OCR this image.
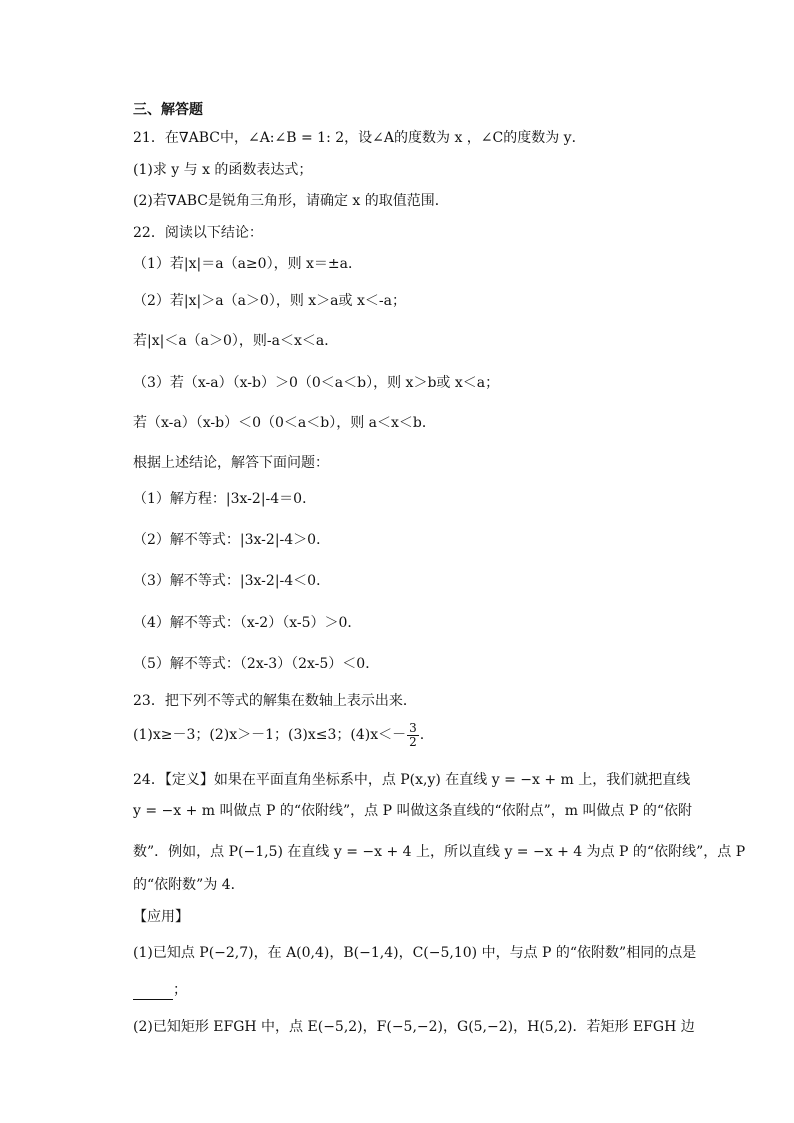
三、解答题
21．在∇ABC中，∠A:∠B = 1: 2，设∠A的度数为 x ，∠C的度数为 y．
(1)求 y 与 x 的函数表达式；
(2)若∇ABC是锐角三角形，请确定 x 的取值范围．
22．阅读以下结论：
（1）若|x|＝a（a≥0），则 x＝±a．
（2）若|x|＞a（a＞0），则 x＞a或 x＜-a；
若|x|＜a（a＞0），则-a＜x＜a．
（3）若（x-a）（x-b）＞0（0＜a＜b），则 x＞b或 x＜a；
若（x-a）（x-b）＜0（0＜a＜b），则 a＜x＜b．
根据上述结论，解答下面问题：
（1）解方程：|3x-2|-4＝0．
（2）解不等式：|3x-2|-4＞0．
（3）解不等式：|3x-2|-4＜0．
（4）解不等式：（x-2）（x-5）＞0．
（5）解不等式：（2x-3）（2x-5）＜0．
23．把下列不等式的解集在数轴上表示出来．
(1)x≥－3；(2)x＞－1；(3)x≤3；$(4)x<- \frac{3}{2}$ .
24．【定义】如果在平面直角坐标系中，点 P(x,y) 在直线 y = −x + m 上，我们就把直线
y = −x + m 叫做点 P 的“依附线”，点 P 叫做这条直线的“依附点”，m 叫做点 P 的“依附
数”．例如，点 P(−1,5) 在直线 y = −x + 4 上，所以直线 y = −x + 4 为点 P 的“依附线”，点 P
的“依附数”为 4．
【应用】
(1)已知点 P(−2,7)，在 A(0,4)，B(−1,4)，C(−5,10) 中，与点 P 的“依附数”相同的点是
；
(2)已知矩形 EFGH 中，点 E(−5,2)，F(−5,−2)，G(5,−2)，H(5,2)．若矩形 EFGH 边
